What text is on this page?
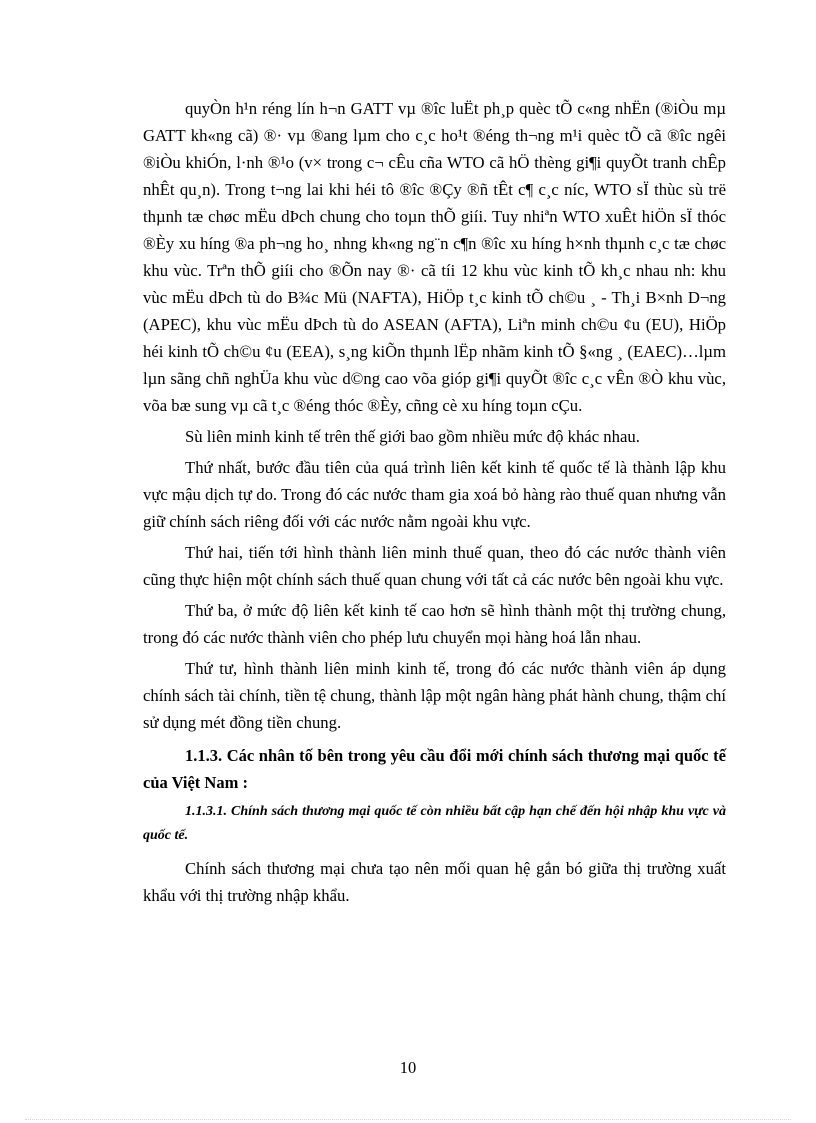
quyÒn h¹n réng lín h¬n GATT vµ ®îc luËt ph¸p quèc tÕ c«ng nhËn (®iÒu mµ GATT kh«ng cã) ®· vµ ®ang lµm cho c¸c ho¹t ®éng th¬ng m¹i quèc tÕ cã ®îc ngêi ®iÒu khiÓn, l·nh ®¹o (v× trong c¬ cÊu cña WTO cã hÖ thèng gi¶i quyÕt tranh chÊp nhÊt qu¸n). Trong t¬ng lai khi héi tô ®îc ®Çy ®ñ tÊt c¶ c¸c níc, WTO sÏ thùc sù trë thµnh tæ chøc mËu dÞch chung cho toµn thÕ giíi. Tuy nhiªn WTO xuÊt hiÖn sÏ thóc ®Èy xu híng ®a ph¬ng ho¸ nhng kh«ng ng¨n c¶n ®îc xu híng h×nh thµnh c¸c tæ chøc khu vùc. Trªn thÕ giíi cho ®Õn nay ®· cã tíi 12 khu vùc kinh tÕ kh¸c nhau nh: khu vùc mËu dÞch tù do B¾c Mü (NAFTA), HiÖp t¸c kinh tÕ ch©u ¸ - Th¸i B×nh D¬ng (APEC), khu vùc mËu dÞch tù do ASEAN (AFTA), Liªn minh ch©u ¢u (EU), HiÖp héi kinh tÕ ch©u ¢u (EEA), s¸ng kiÕn thµnh lËp nhãm kinh tÕ §«ng ¸ (EAEC)…lµm lµn sãng chñ nghÜa khu vùc d©ng cao võa gióp gi¶i quyÕt ®îc c¸c vÊn ®Ò khu vùc, võa bæ sung vµ cã t¸c ®éng thóc ®Èy, cñng cè xu híng toµn cÇu.

Sù liên minh kinh tế trên thế giới bao gồm nhiều mức độ khác nhau.

Thứ nhất, bước đầu tiên của quá trình liên kết kinh tế quốc tế là thành lập khu vực mậu dịch tự do. Trong đó các nước tham gia xoá bỏ hàng rào thuế quan nhưng vẫn giữ chính sách riêng đối với các nước nằm ngoài khu vực.

Thứ hai, tiến tới hình thành liên minh thuế quan, theo đó các nước thành viên cũng thực hiện một chính sách thuế quan chung với tất cả các nước bên ngoài khu vực.

Thứ ba, ở mức độ liên kết kinh tế cao hơn sẽ hình thành một thị trường chung, trong đó các nước thành viên cho phép lưu chuyển mọi hàng hoá lẫn nhau.

Thứ tư, hình thành liên minh kinh tế, trong đó các nước thành viên áp dụng chính sách tài chính, tiền tệ chung, thành lập một ngân hàng phát hành chung, thậm chí sử dụng mét đồng tiền chung.

1.1.3. Các nhân tố bên trong yêu cầu đổi mới chính sách thương mại quốc tế của Việt Nam :

1.1.3.1. Chính sách thương mại quốc tế còn nhiều bất cập hạn chế đến hội nhập khu vực và quốc tế.

Chính sách thương mại chưa tạo nên mối quan hệ gắn bó giữa thị trường xuất khẩu với thị trường nhập khẩu.

10
